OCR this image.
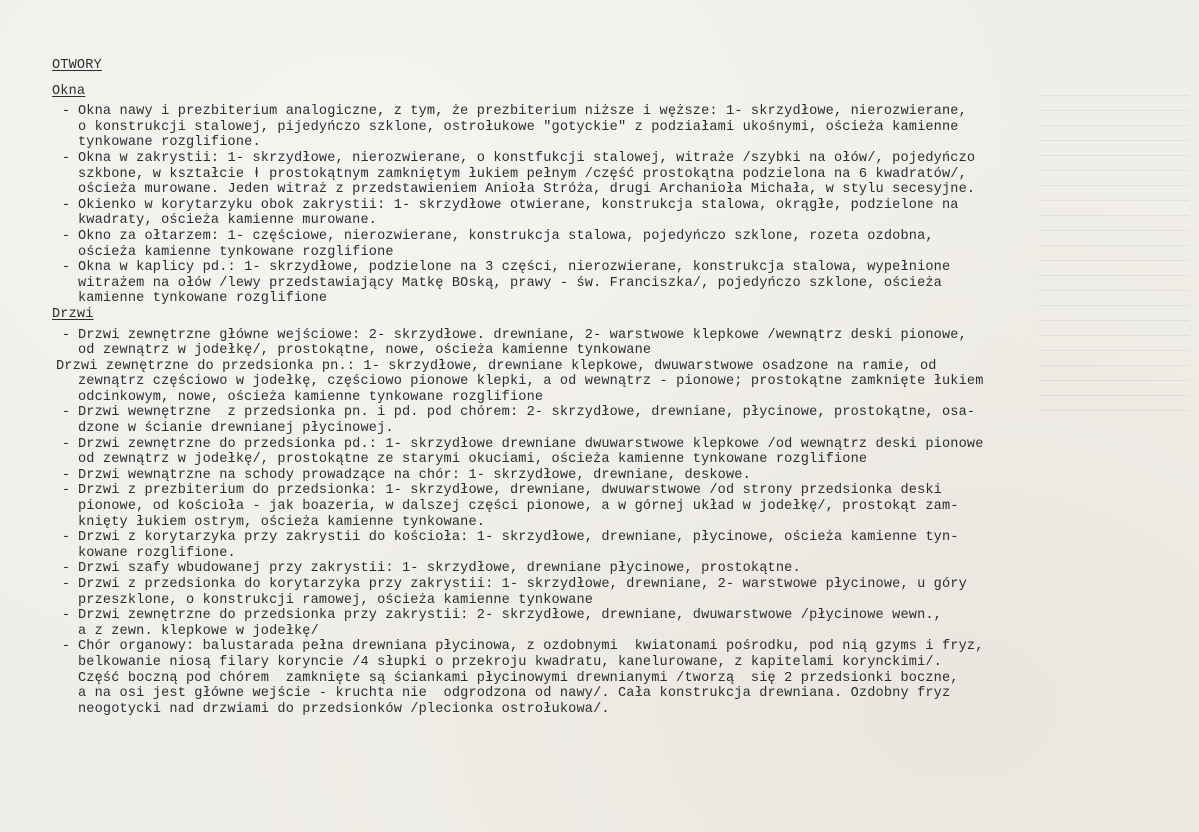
OTWORY
Okna
- Okna nawy i prezbiterium analogiczne, z tym, że prezbiterium niższe i węższe: 1- skrzydłowe, nierozwierane,
o konstrukcji stalowej, pijedyńczo szklone, ostrołukowe "gotyckie" z podziałami ukośnymi, ościeża kamienne
tynkowane rozglifione.
- Okna w zakrystii: 1- skrzydłowe, nierozwierane, o konstfukcji stalowej, witraże /szybki na ołów/, pojedyńczo
szkbone, w kształcie ⱡ prostokątnym zamkniętym łukiem pełnym /część prostokątna podzielona na 6 kwadratów/,
ościeża murowane. Jeden witraż z przedstawieniem Anioła Stróża, drugi Archanioła Michała, w stylu secesyjne.
- Okienko w korytarzyku obok zakrystii: 1- skrzydłowe otwierane, konstrukcja stalowa, okrągłe, podzielone na
kwadraty, ościeża kamienne murowane.
- Okno za ołtarzem: 1- częściowe, nierozwierane, konstrukcja stalowa, pojedyńczo szklone, rozeta ozdobna,
ościeża kamienne tynkowane rozglifione
- Okna w kaplicy pd.: 1- skrzydłowe, podzielone na 3 części, nierozwierane, konstrukcja stalowa, wypełnione
witrażem na ołów /lewy przedstawiający Matkę BOską, prawy - św. Franciszka/, pojedyńczo szklone, ościeża
kamienne tynkowane rozglifione
Drzwi
- Drzwi zewnętrzne główne wejściowe: 2- skrzydłowe. drewniane, 2- warstwowe klepkowe /wewnątrz deski pionowe,
od zewnątrz w jodełkę/, prostokątne, nowe, ościeża kamienne tynkowane
Drzwi zewnętrzne do przedsionka pn.: 1- skrzydłowe, drewniane klepkowe, dwuwarstwowe osadzone na ramie, od
zewnątrz częściowo w jodełkę, częściowo pionowe klepki, a od wewnątrz - pionowe; prostokątne zamknięte łukiem
odcinkowym, nowe, ościeża kamienne tynkowane rozglifione
- Drzwi wewnętrzne  z przedsionka pn. i pd. pod chórem: 2- skrzydłowe, drewniane, płycinowe, prostokątne, osa-
dzone w ścianie drewnianej płycinowej.
- Drzwi zewnętrzne do przedsionka pd.: 1- skrzydłowe drewniane dwuwarstwowe klepkowe /od wewnątrz deski pionowe
od zewnątrz w jodełkę/, prostokątne ze starymi okuciami, ościeża kamienne tynkowane rozglifione
- Drzwi wewnątrzne na schody prowadzące na chór: 1- skrzydłowe, drewniane, deskowe.
- Drzwi z prezbiterium do przedsionka: 1- skrzydłowe, drewniane, dwuwarstwowe /od strony przedsionka deski
pionowe, od kościoła - jak boazeria, w dalszej części pionowe, a w górnej układ w jodełkę/, prostokąt zam-
knięty łukiem ostrym, ościeża kamienne tynkowane.
- Drzwi z korytarzyka przy zakrystii do kościoła: 1- skrzydłowe, drewniane, płycinowe, ościeża kamienne tyn-
kowane rozglifione.
- Drzwi szafy wbudowanej przy zakrystii: 1- skrzydłowe, drewniane płycinowe, prostokątne.
- Drzwi z przedsionka do korytarzyka przy zakrystii: 1- skrzydłowe, drewniane, 2- warstwowe płycinowe, u góry
przeszklone, o konstrukcji ramowej, ościeża kamienne tynkowane
- Drzwi zewnętrzne do przedsionka przy zakrystii: 2- skrzydłowe, drewniane, dwuwarstwowe /płycinowe wewn.,
a z zewn. klepkowe w jodełkę/
- Chór organowy: balustarada pełna drewniana płycinowa, z ozdobnymi  kwiatonami pośrodku, pod nią gzyms i fryz,
belkowanie niosą filary koryncie /4 słupki o przekroju kwadratu, kanelurowane, z kapitelami korynckimi/.
Część boczną pod chórem  zamknięte są ściankami płycinowymi drewnianymi /tworzą  się 2 przedsionki boczne,
a na osi jest główne wejście - kruchta nie  odgrodzona od nawy/. Cała konstrukcja drewniana. Ozdobny fryz
neogotycki nad drzwiami do przedsionków /plecionka ostrołukowa/.
